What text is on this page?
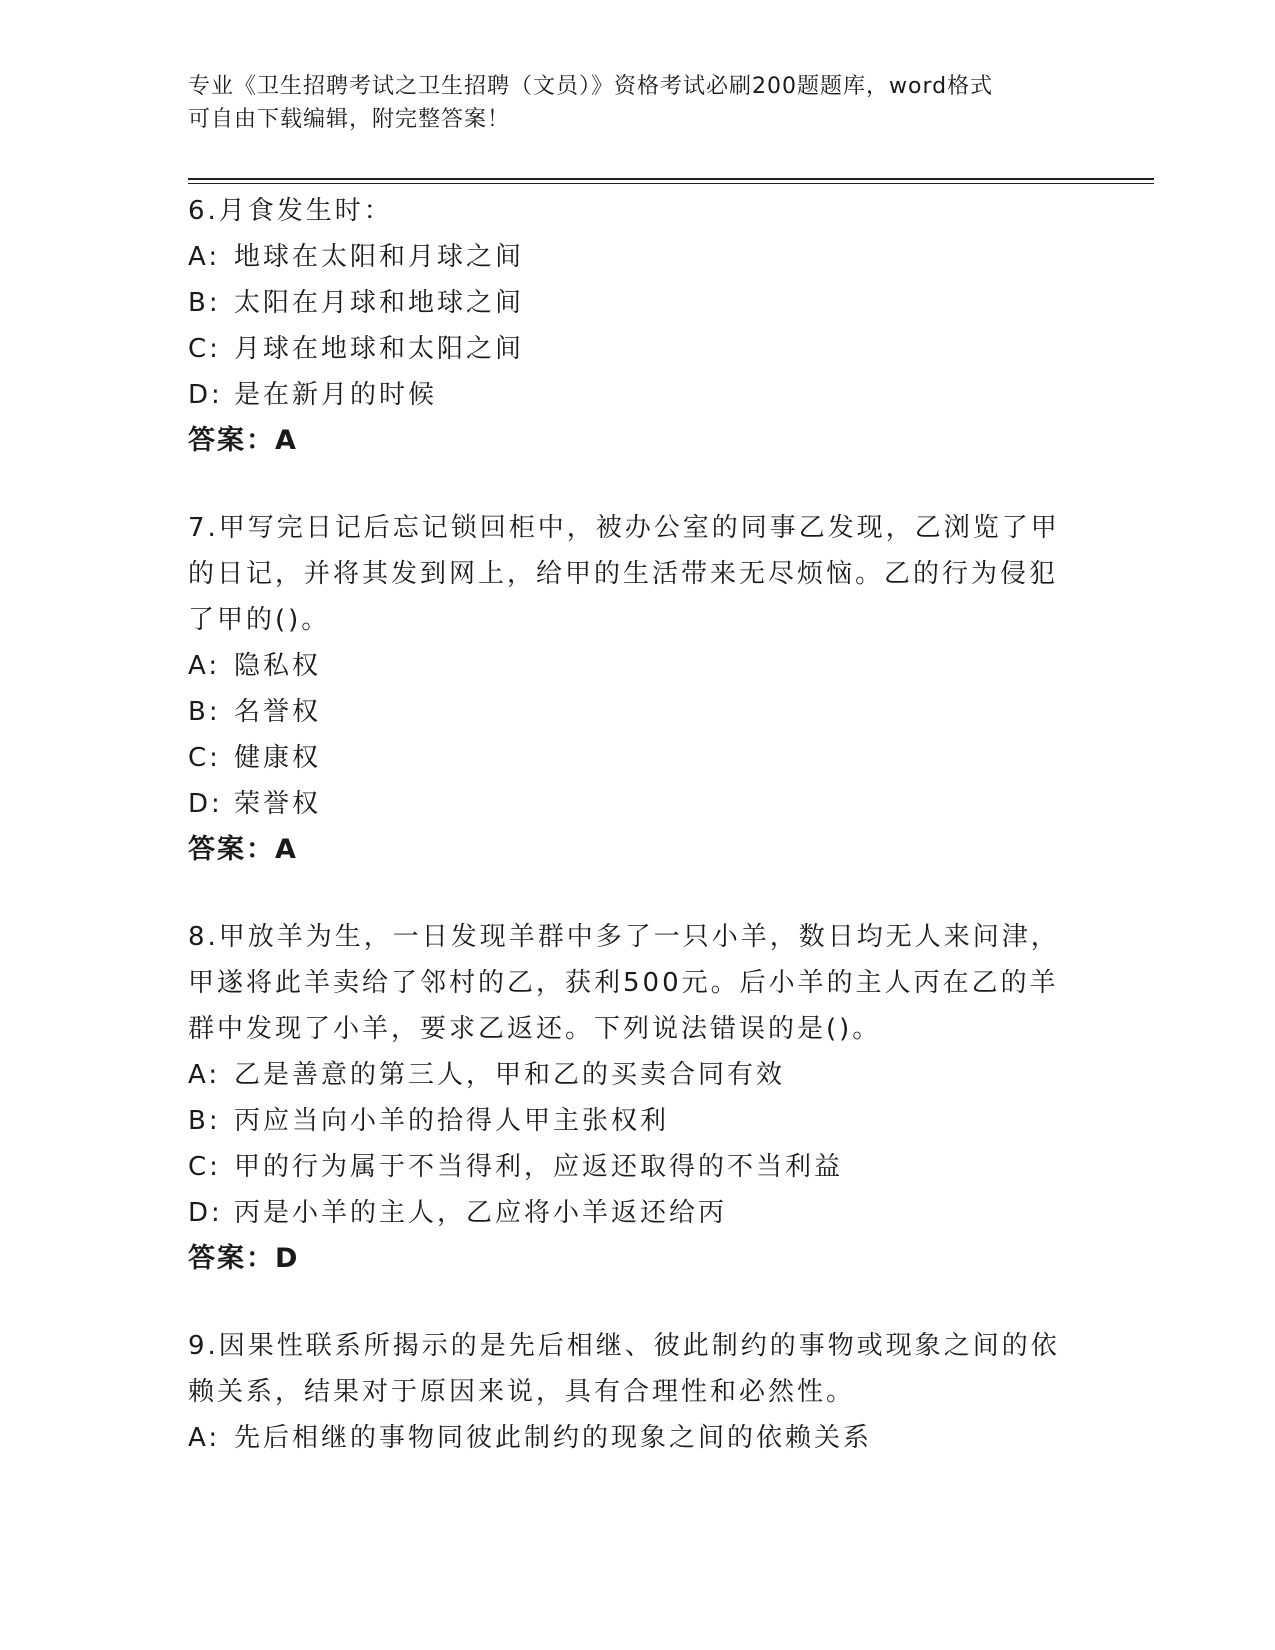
专业《卫生招聘考试之卫生招聘（文员）》资格考试必刷200题题库，word格式
可自由下载编辑，附完整答案！
6.月食发生时：
A: 地球在太阳和月球之间
B: 太阳在月球和地球之间
C: 月球在地球和太阳之间
D: 是在新月的时候
答案：A
7.甲写完日记后忘记锁回柜中，被办公室的同事乙发现，乙浏览了甲
的日记，并将其发到网上，给甲的生活带来无尽烦恼。乙的行为侵犯
了甲的()。
A: 隐私权
B: 名誉权
C: 健康权
D: 荣誉权
答案：A
8.甲放羊为生，一日发现羊群中多了一只小羊，数日均无人来问津，
甲遂将此羊卖给了邻村的乙，获利500元。后小羊的主人丙在乙的羊
群中发现了小羊，要求乙返还。下列说法错误的是()。
A: 乙是善意的第三人，甲和乙的买卖合同有效
B: 丙应当向小羊的拾得人甲主张权利
C: 甲的行为属于不当得利，应返还取得的不当利益
D: 丙是小羊的主人，乙应将小羊返还给丙
答案：D
9.因果性联系所揭示的是先后相继、彼此制约的事物或现象之间的依
赖关系，结果对于原因来说，具有合理性和必然性。
A: 先后相继的事物同彼此制约的现象之间的依赖关系
